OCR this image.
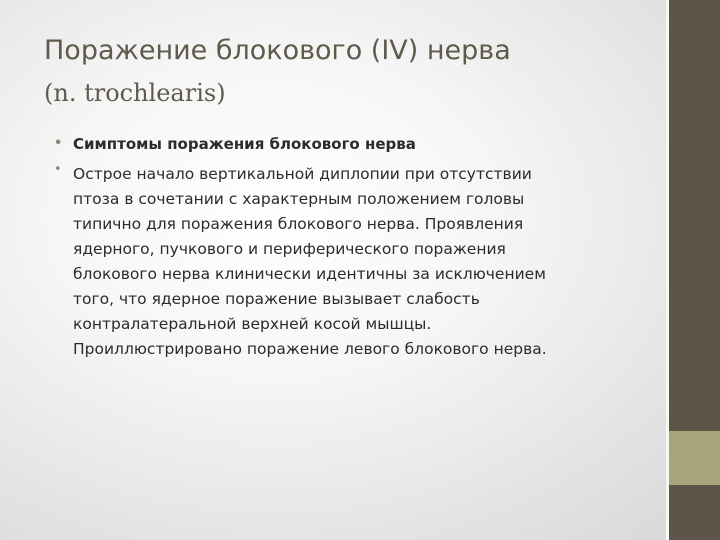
Поражение блокового (IV) нерва
(n. trochlearis)
• Симптомы поражения блокового нерва
• Острое начало вертикальной диплопии при отсутствии
птоза в сочетании с характерным положением головы
типично для поражения блокового нерва. Проявления
ядерного, пучкового и периферического поражения
блокового нерва клинически идентичны за исключением
того, что ядерное поражение вызывает слабость
контралатеральной верхней косой мышцы.
Проиллюстрировано поражение левого блокового нерва.
